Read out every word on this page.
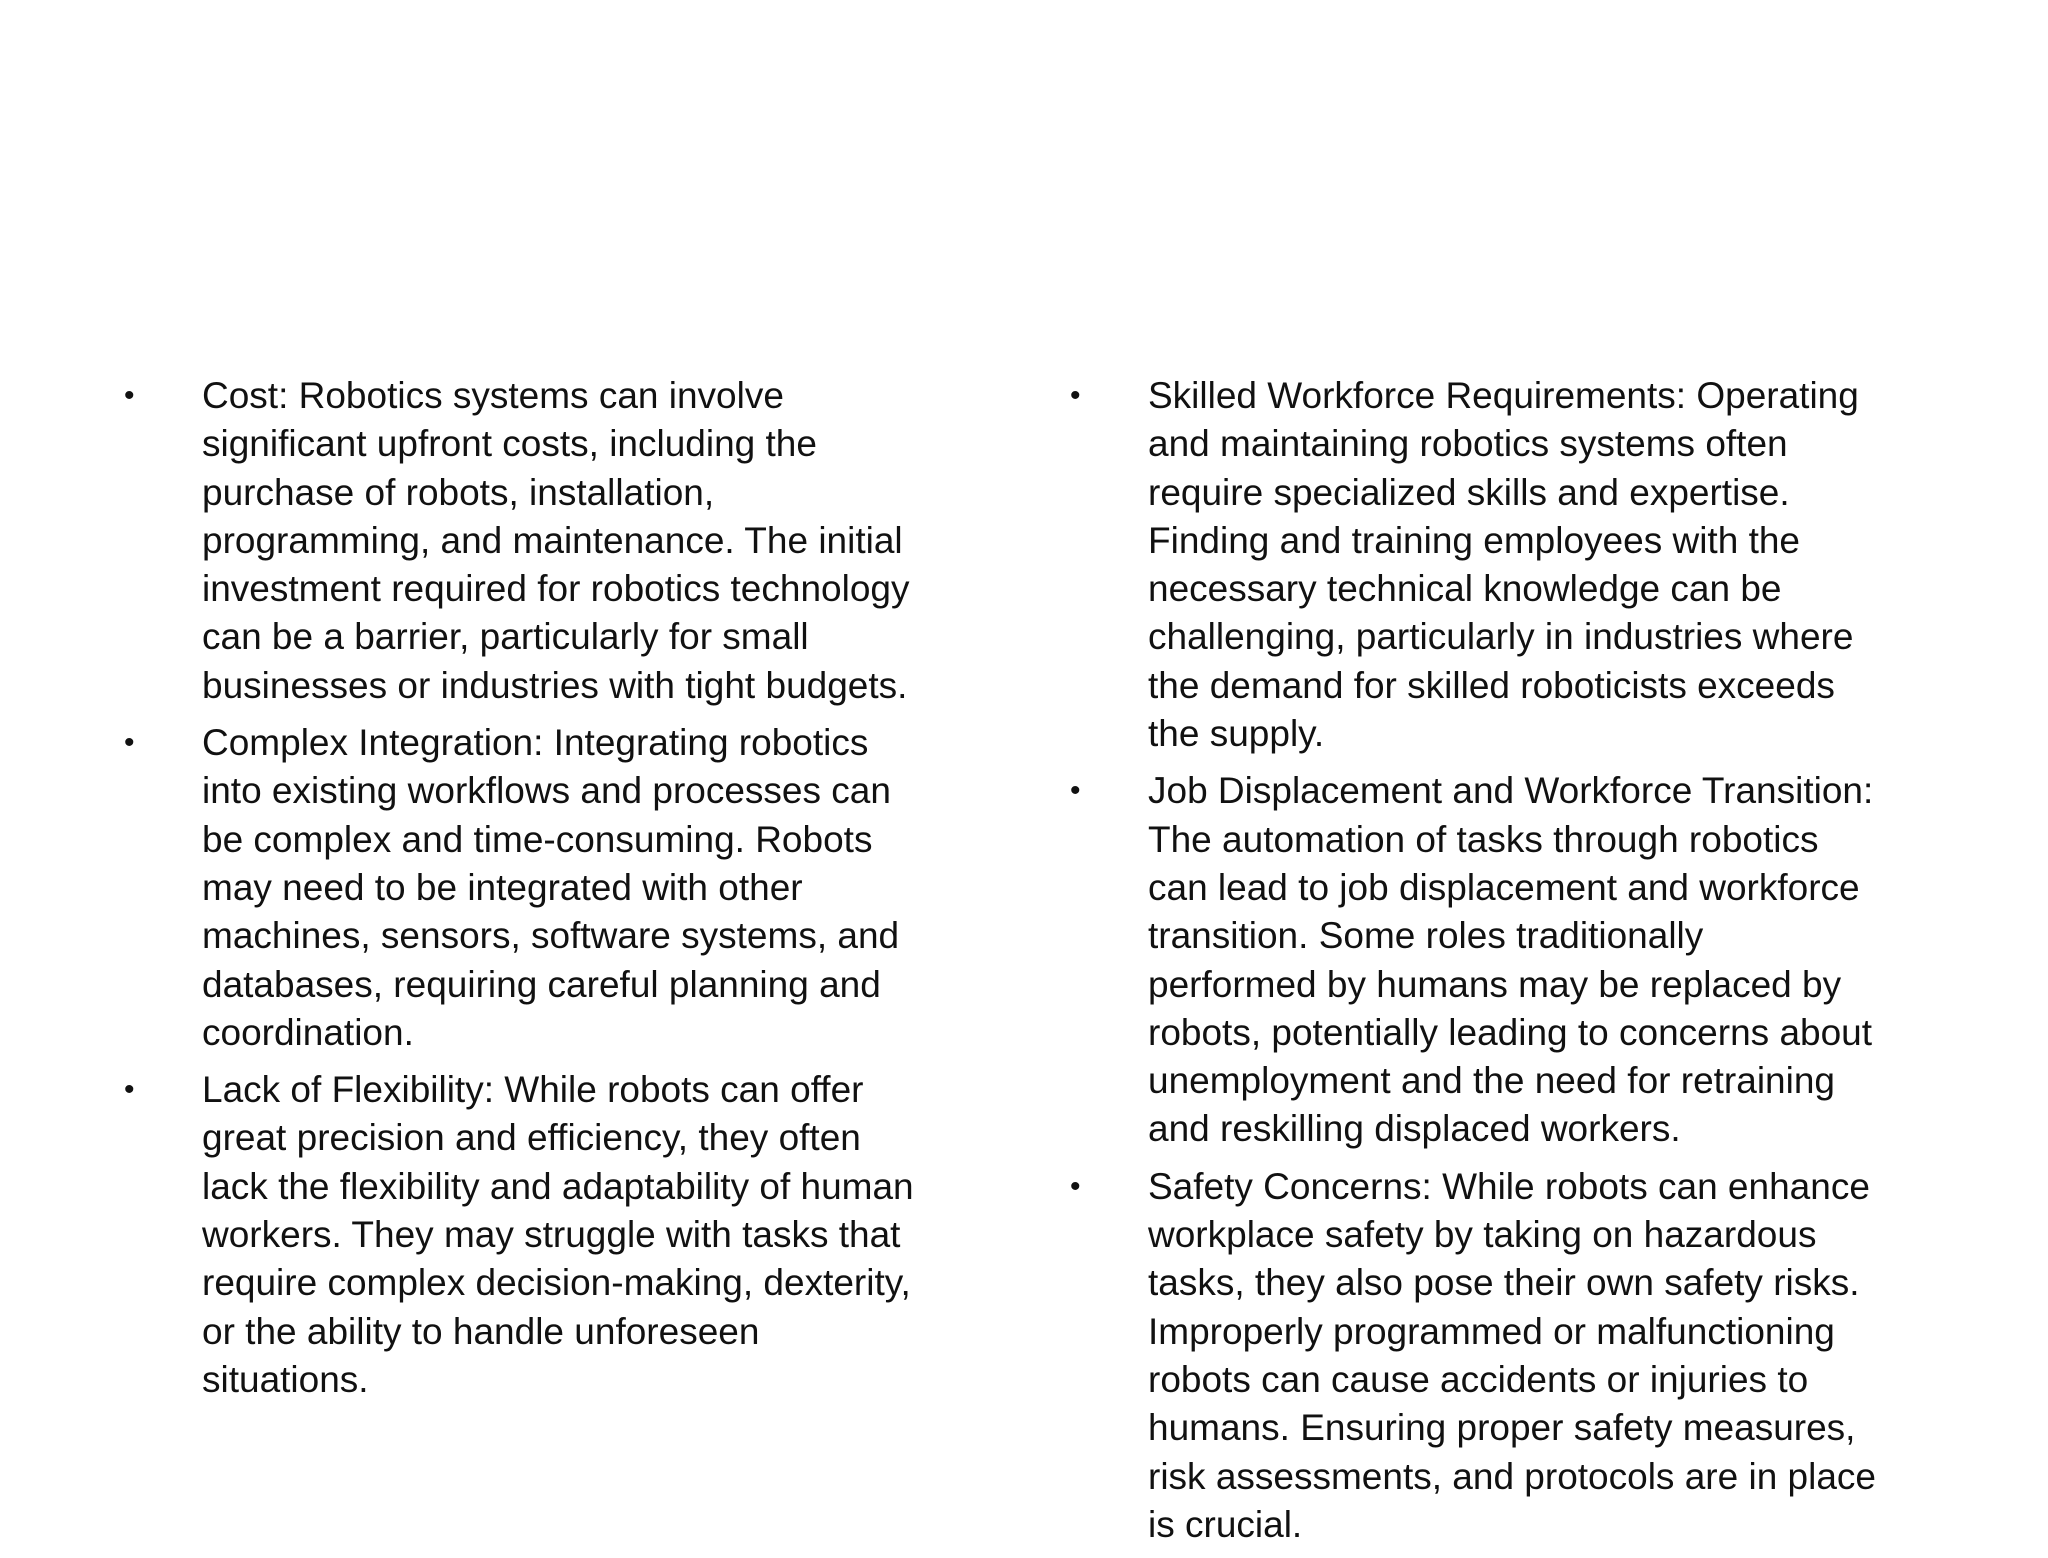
•	Cost: Robotics systems can involve
significant upfront costs, including the
purchase of robots, installation,
programming, and maintenance. The initial
investment required for robotics technology
can be a barrier, particularly for small
businesses or industries with tight budgets.
•	Complex Integration: Integrating robotics
into existing workflows and processes can
be complex and time-consuming. Robots
may need to be integrated with other
machines, sensors, software systems, and
databases, requiring careful planning and
coordination.
•	Lack of Flexibility: While robots can offer
great precision and efficiency, they often
lack the flexibility and adaptability of human
workers. They may struggle with tasks that
require complex decision-making, dexterity,
or the ability to handle unforeseen
situations.
•	Skilled Workforce Requirements: Operating
and maintaining robotics systems often
require specialized skills and expertise.
Finding and training employees with the
necessary technical knowledge can be
challenging, particularly in industries where
the demand for skilled roboticists exceeds
the supply.
•	Job Displacement and Workforce Transition:
The automation of tasks through robotics
can lead to job displacement and workforce
transition. Some roles traditionally
performed by humans may be replaced by
robots, potentially leading to concerns about
unemployment and the need for retraining
and reskilling displaced workers.
•	Safety Concerns: While robots can enhance
workplace safety by taking on hazardous
tasks, they also pose their own safety risks.
Improperly programmed or malfunctioning
robots can cause accidents or injuries to
humans. Ensuring proper safety measures,
risk assessments, and protocols are in place
is crucial.
